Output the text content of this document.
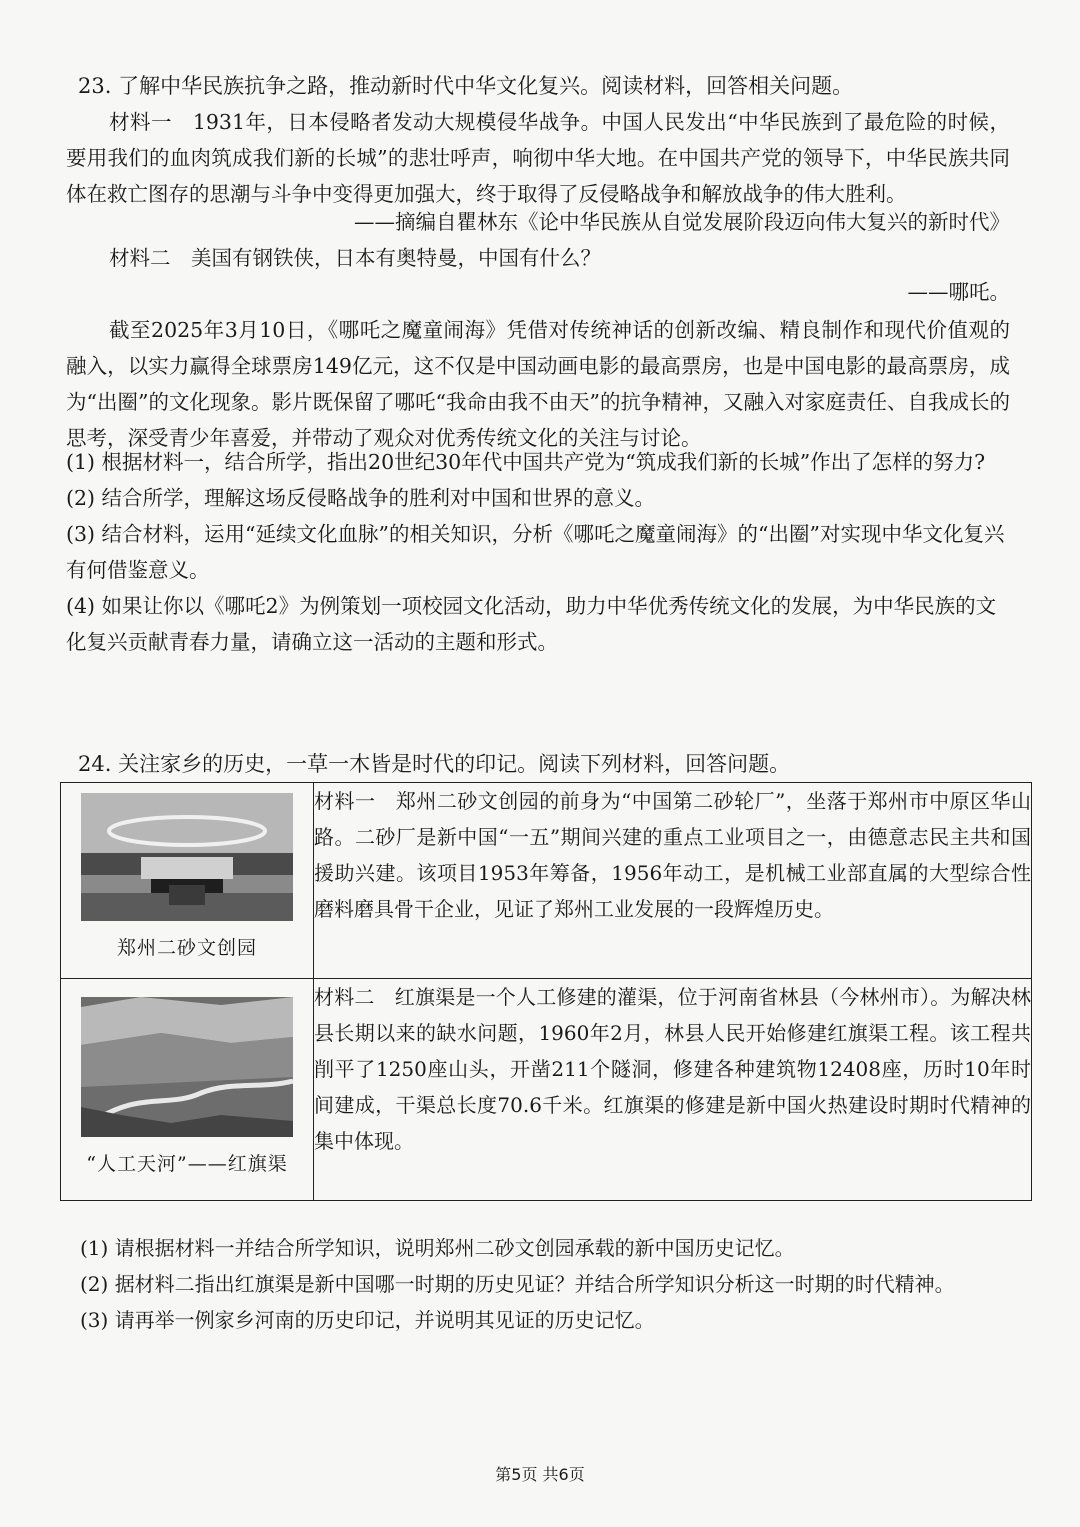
23. 了解中华民族抗争之路，推动新时代中华文化复兴。阅读材料，回答相关问题。
材料一　1931年，日本侵略者发动大规模侵华战争。中国人民发出“中华民族到了最危险的时候，要用我们的血肉筑成我们新的长城”的悲壮呼声，响彻中华大地。在中国共产党的领导下，中华民族共同体在救亡图存的思潮与斗争中变得更加强大，终于取得了反侵略战争和解放战争的伟大胜利。
——摘编自瞿林东《论中华民族从自觉发展阶段迈向伟大复兴的新时代》
材料二　美国有钢铁侠，日本有奥特曼，中国有什么？
——哪吒。
截至2025年3月10日，《哪吒之魔童闹海》凭借对传统神话的创新改编、精良制作和现代价值观的融入，以实力赢得全球票房149亿元，这不仅是中国动画电影的最高票房，也是中国电影的最高票房，成为“出圈”的文化现象。影片既保留了哪吒“我命由我不由天”的抗争精神，又融入对家庭责任、自我成长的思考，深受青少年喜爱，并带动了观众对优秀传统文化的关注与讨论。
(1) 根据材料一，结合所学，指出20世纪30年代中国共产党为“筑成我们新的长城”作出了怎样的努力?
(2) 结合所学，理解这场反侵略战争的胜利对中国和世界的意义。
(3) 结合材料，运用“延续文化血脉”的相关知识，分析《哪吒之魔童闹海》的“出圈”对实现中华文化复兴有何借鉴意义。
(4) 如果让你以《哪吒2》为例策划一项校园文化活动，助力中华优秀传统文化的发展，为中华民族的文化复兴贡献青春力量，请确立这一活动的主题和形式。
24. 关注家乡的历史，一草一木皆是时代的印记。阅读下列材料，回答问题。
郑州二砂文创园	材料一　郑州二砂文创园的前身为“中国第二砂轮厂”，坐落于郑州市中原区华山路。二砂厂是新中国“一五”期间兴建的重点工业项目之一，由德意志民主共和国援助兴建。该项目1953年筹备，1956年动工，是机械工业部直属的大型综合性磨料磨具骨干企业，见证了郑州工业发展的一段辉煌历史。

“人工天河”——红旗渠	材料二　红旗渠是一个人工修建的灌渠，位于河南省林县（今林州市）。为解决林县长期以来的缺水问题，1960年2月，林县人民开始修建红旗渠工程。该工程共削平了1250座山头，开凿211个隧洞，修建各种建筑物12408座，历时10年时间建成，干渠总长度70.6千米。红旗渠的修建是新中国火热建设时期时代精神的集中体现。
(1) 请根据材料一并结合所学知识，说明郑州二砂文创园承载的新中国历史记忆。
(2) 据材料二指出红旗渠是新中国哪一时期的历史见证？并结合所学知识分析这一时期的时代精神。
(3) 请再举一例家乡河南的历史印记，并说明其见证的历史记忆。
第5页 共6页
